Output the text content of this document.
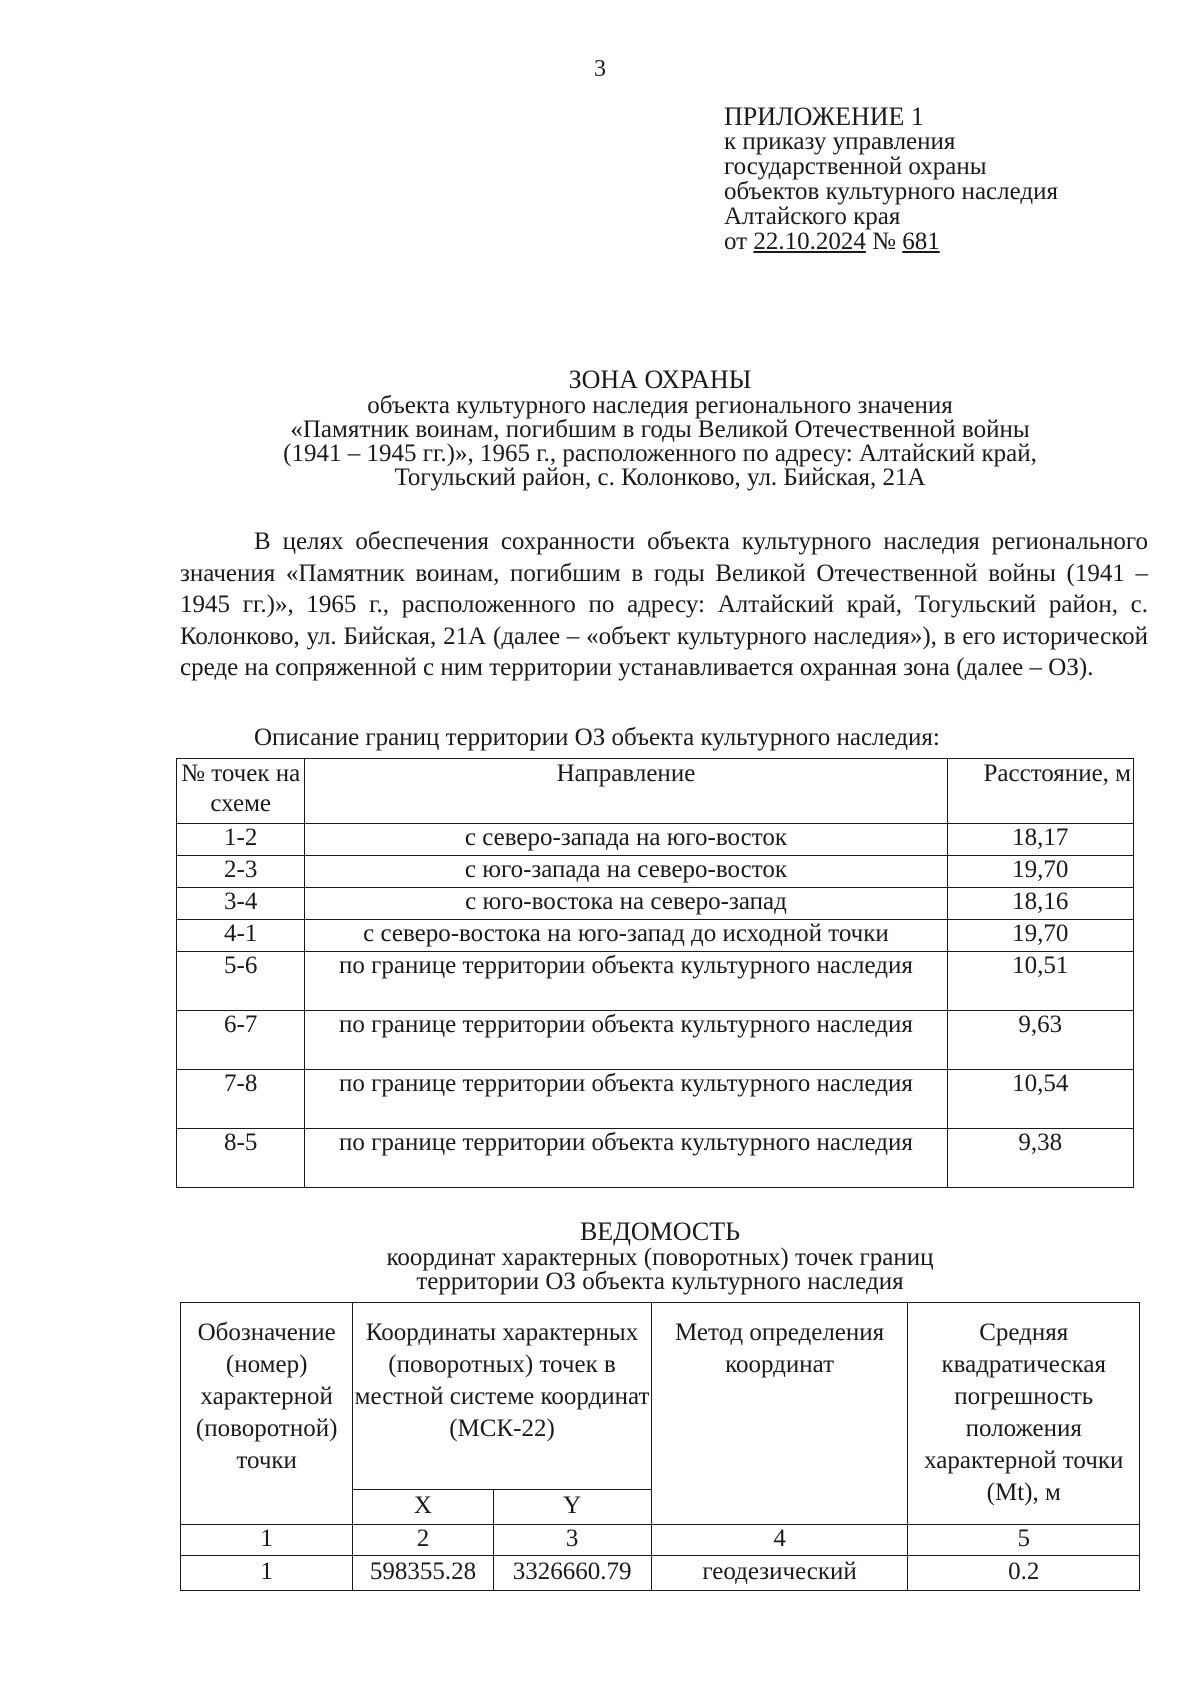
3
ПРИЛОЖЕНИЕ 1
к приказу управления
государственной охраны
объектов культурного наследия
Алтайского края
от 22.10.2024 № 681
ЗОНА ОХРАНЫ
объекта культурного наследия регионального значения
«Памятник воинам, погибшим в годы Великой Отечественной войны
(1941 – 1945 гг.)», 1965 г., расположенного по адресу: Алтайский край,
Тогульский район, с. Колонково, ул. Бийская, 21А
В целях обеспечения сохранности объекта культурного наследия регионального значения «Памятник воинам, погибшим в годы Великой Отечественной войны (1941 – 1945 гг.)», 1965 г., расположенного по адресу: Алтайский край, Тогульский район, с. Колонково, ул. Бийская, 21А (далее – «объект культурного наследия»), в его исторической среде на сопряженной с ним территории устанавливается охранная зона (далее – ОЗ).
Описание границ территории ОЗ объекта культурного наследия:
№ точек на схеме	Направление	Расстояние, м
1-2	с северо-запада на юго-восток	18,17
2-3	с юго-запада на северо-восток	19,70
3-4	с юго-востока на северо-запад	18,16
4-1	с северо-востока на юго-запад до исходной точки	19,70
5-6	по границе территории объекта культурного наследия	10,51
6-7	по границе территории объекта культурного наследия	9,63
7-8	по границе территории объекта культурного наследия	10,54
8-5	по границе территории объекта культурного наследия	9,38
ВЕДОМОСТЬ
координат характерных (поворотных) точек границ
территории ОЗ объекта культурного наследия
Обозначение (номер) характерной (поворотной) точки	Координаты характерных (поворотных) точек в местной системе координат (МСК-22)		Метод определения координат	Средняя квадратическая погрешность положения характерной точки (Mt), м
	X	Y		
1	2	3	4	5
1	598355.28	3326660.79	геодезический	0.2
